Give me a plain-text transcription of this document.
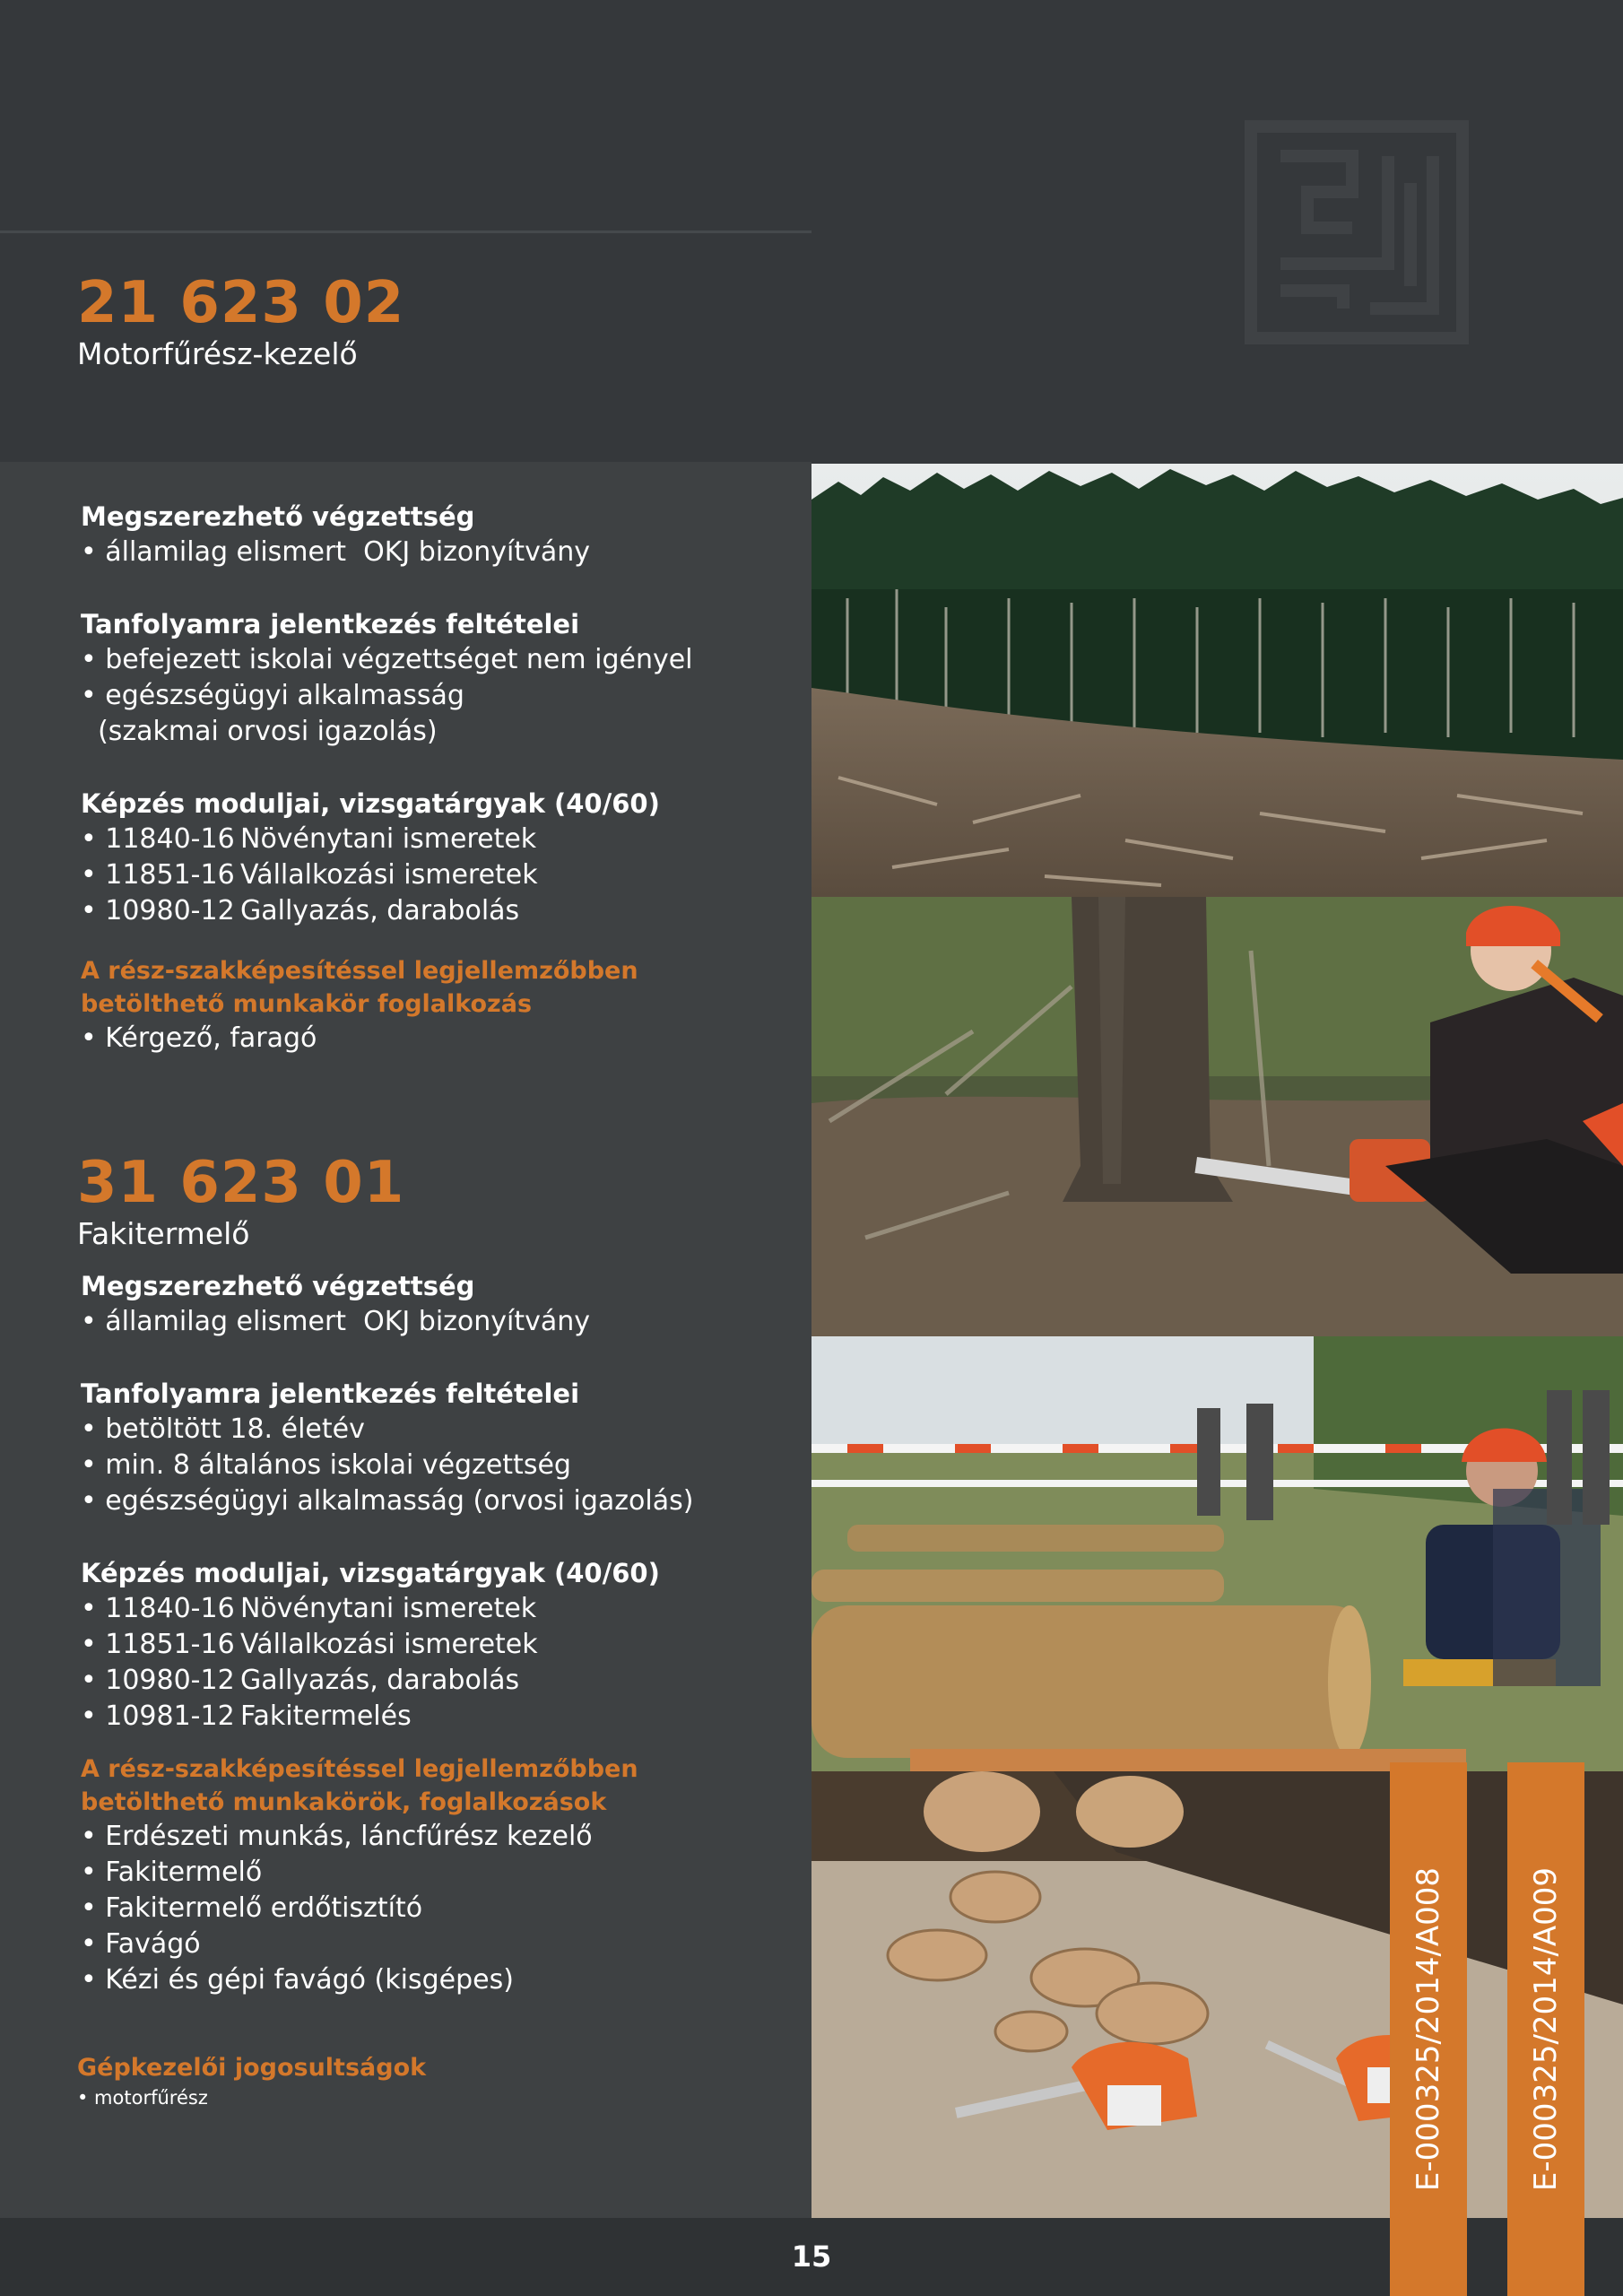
21 623 02
Motorfűrész-kezelő
Megszerezhető végzettség
• államilag elismert  OKJ bizonyítvány
Tanfolyamra jelentkezés feltételei
• befejezett iskolai végzettséget nem igényel
• egészségügyi alkalmasság
(szakmai orvosi igazolás)
Képzés moduljai, vizsgatárgyak (40/60)
• 11840-16 Növénytani ismeretek
• 11851-16 Vállalkozási ismeretek
• 10980-12 Gallyazás, darabolás
A rész-szakképesítéssel legjellemzőbben
betölthető munkakör foglalkozás
• Kérgező, faragó
31 623 01
Fakitermelő
Megszerezhető végzettség
• államilag elismert  OKJ bizonyítvány
Tanfolyamra jelentkezés feltételei
• betöltött 18. életév
• min. 8 általános iskolai végzettség
• egészségügyi alkalmasság (orvosi igazolás)
Képzés moduljai, vizsgatárgyak (40/60)
• 11840-16 Növénytani ismeretek
• 11851-16 Vállalkozási ismeretek
• 10980-12 Gallyazás, darabolás
• 10981-12 Fakitermelés
A rész-szakképesítéssel legjellemzőbben
betölthető munkakörök, foglalkozások
• Erdészeti munkás, láncfűrész kezelő
• Fakitermelő
• Fakitermelő erdőtisztító
• Favágó
• Kézi és gépi favágó (kisgépes)
Gépkezelői jogosultságok
• motorfűrész
15
E-000325/2014/A008	E-000325/2014/A009
